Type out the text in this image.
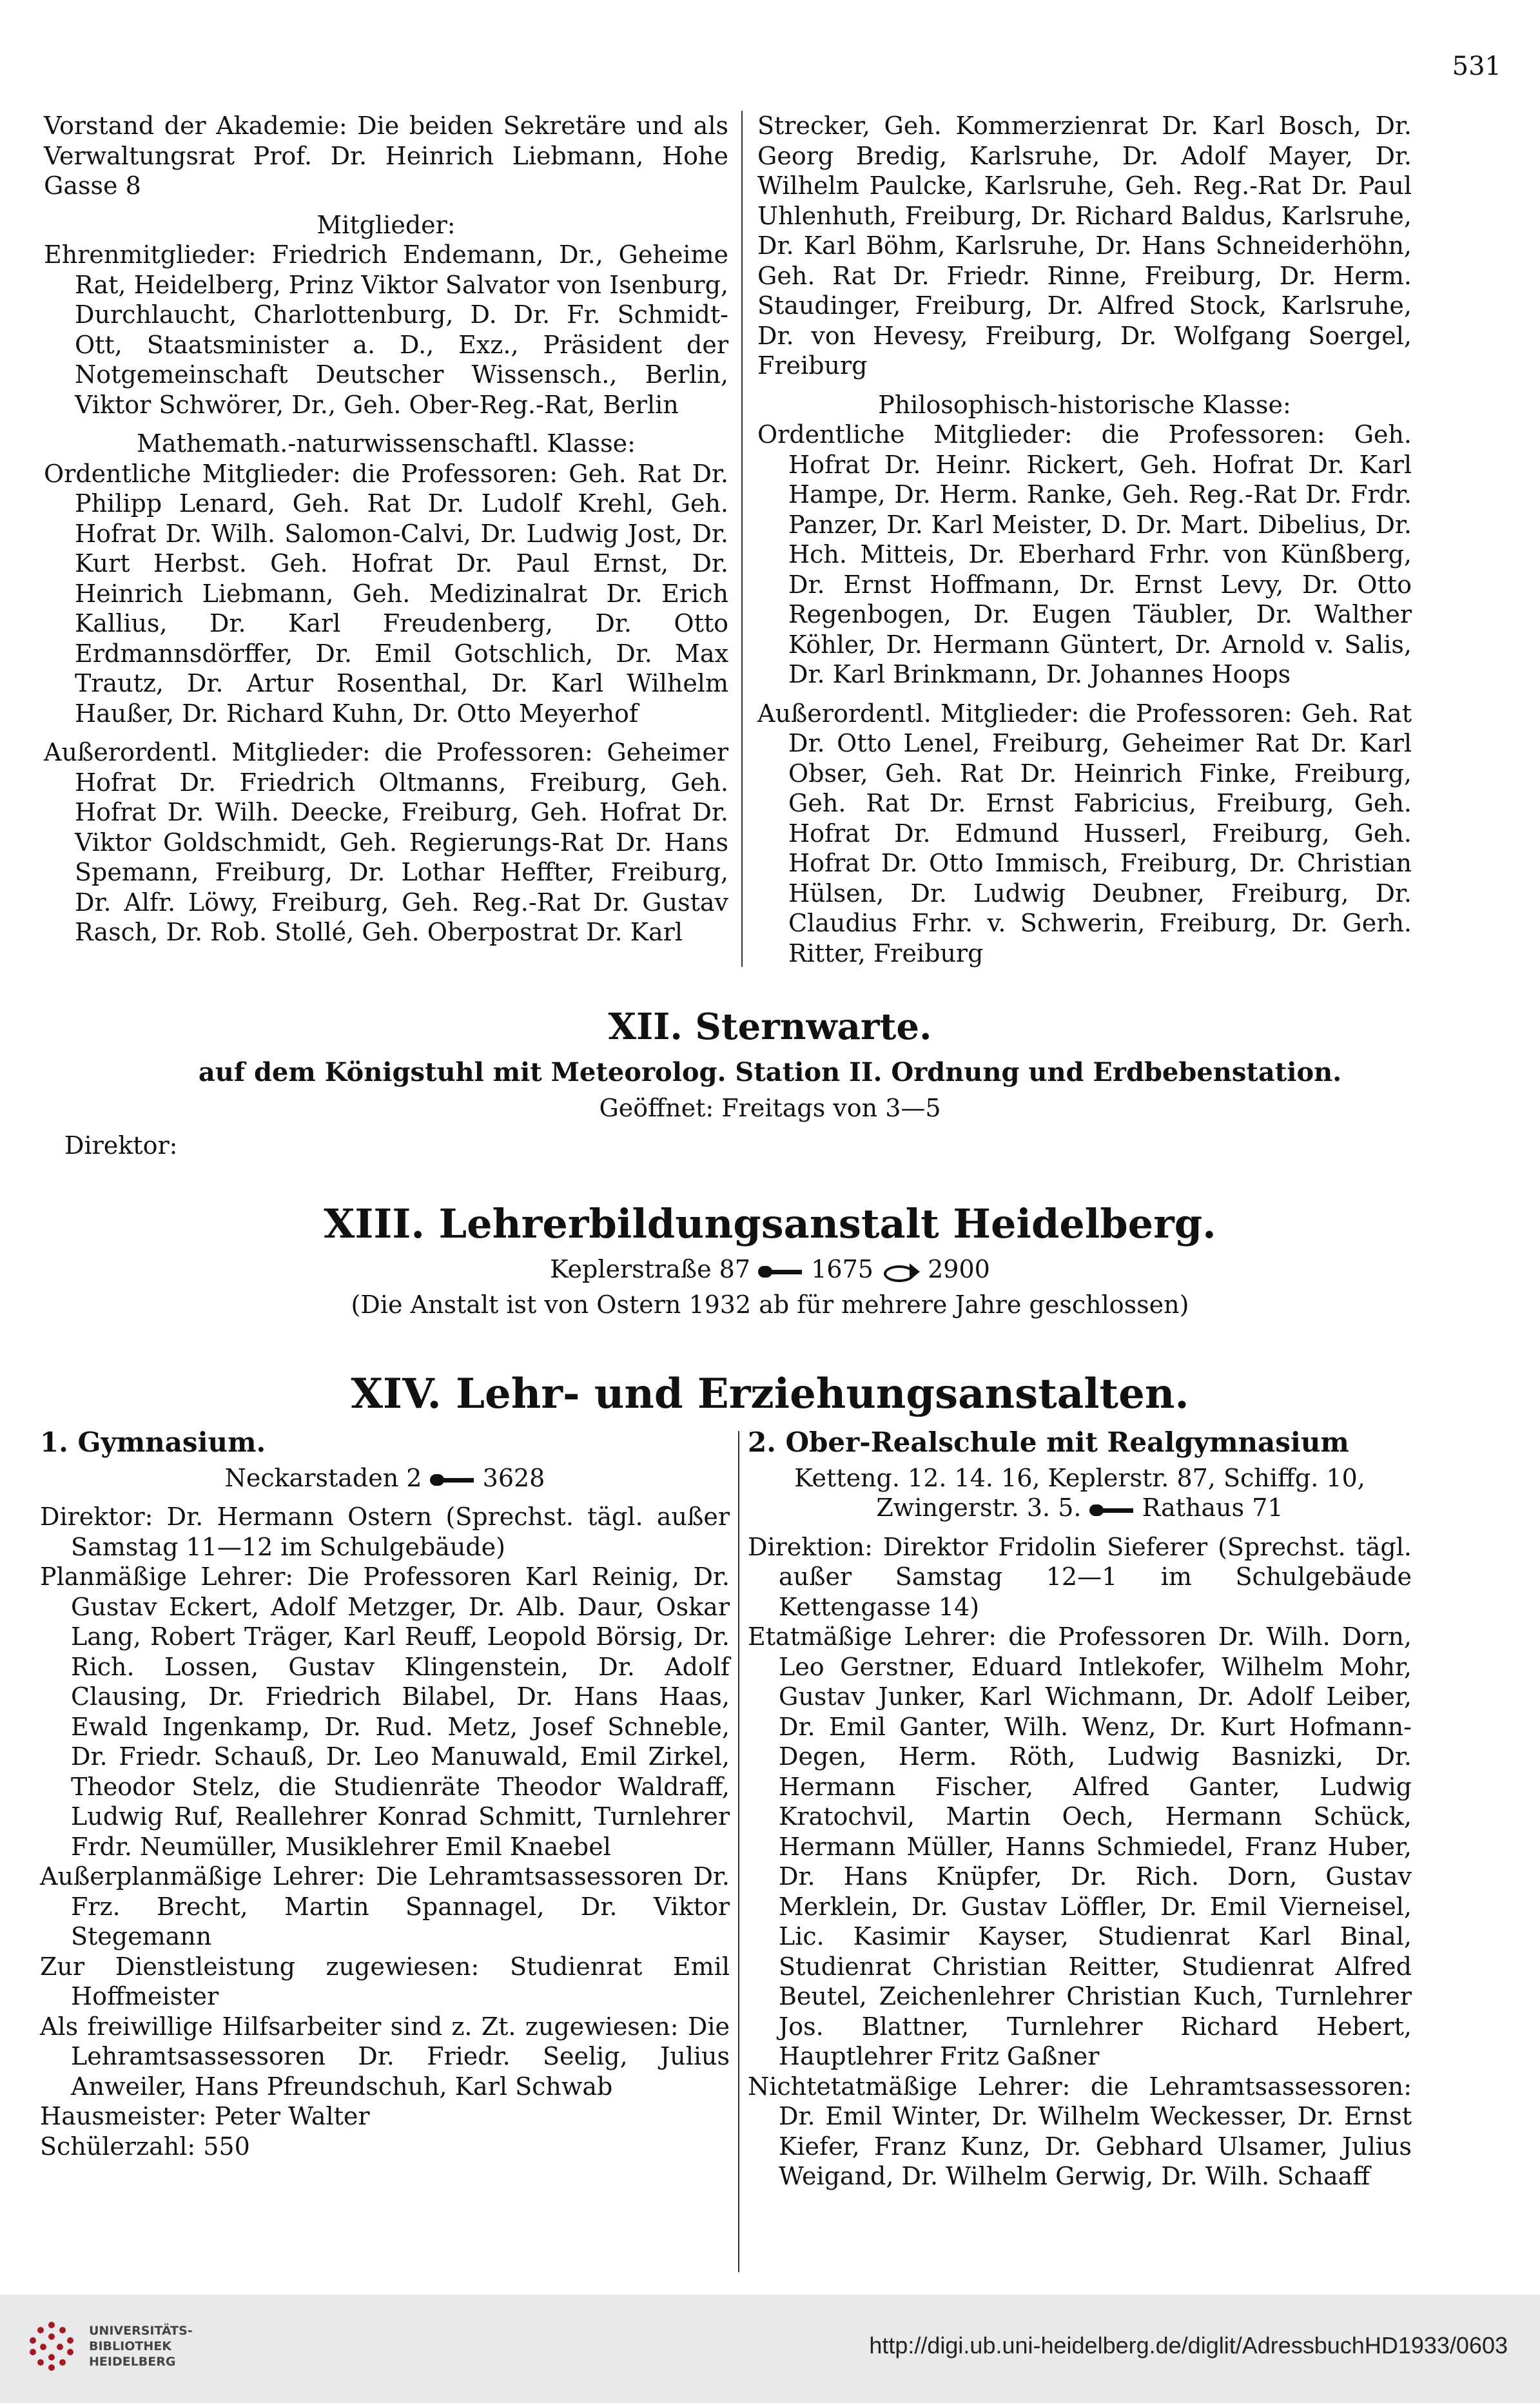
531

Vorstand der Akademie: Die beiden Sekretäre und als Verwaltungsrat Prof. Dr. Heinrich Liebmann, Hohe Gasse 8

Mitglieder:

Ehrenmitglieder: Friedrich Endemann, Dr., Geheime Rat, Heidelberg, Prinz Viktor Salvator von Isenburg, Durchlaucht, Charlottenburg, D. Dr. Fr. Schmidt-Ott, Staatsminister a. D., Exz., Präsident der Notgemeinschaft Deutscher Wissensch., Berlin, Viktor Schwörer, Dr., Geh. Ober-Reg.-Rat, Berlin

Mathemath.-naturwissenschaftl. Klasse:

Ordentliche Mitglieder: die Professoren: Geh. Rat Dr. Philipp Lenard, Geh. Rat Dr. Ludolf Krehl, Geh. Hofrat Dr. Wilh. Salomon-Calvi, Dr. Ludwig Jost, Dr. Kurt Herbst. Geh. Hofrat Dr. Paul Ernst, Dr. Heinrich Liebmann, Geh. Medizinalrat Dr. Erich Kallius, Dr. Karl Freudenberg, Dr. Otto Erdmannsdörffer, Dr. Emil Gotschlich, Dr. Max Trautz, Dr. Artur Rosenthal, Dr. Karl Wilhelm Haußer, Dr. Richard Kuhn, Dr. Otto Meyerhof

Außerordentl. Mitglieder: die Professoren: Geheimer Hofrat Dr. Friedrich Oltmanns, Freiburg, Geh. Hofrat Dr. Wilh. Deecke, Freiburg, Geh. Hofrat Dr. Viktor Goldschmidt, Geh. Regierungs-Rat Dr. Hans Spemann, Freiburg, Dr. Lothar Heffter, Freiburg, Dr. Alfr. Löwy, Freiburg, Geh. Reg.-Rat Dr. Gustav Rasch, Dr. Rob. Stollé, Geh. Oberpostrat Dr. Karl

Strecker, Geh. Kommerzienrat Dr. Karl Bosch, Dr. Georg Bredig, Karlsruhe, Dr. Adolf Mayer, Dr. Wilhelm Paulcke, Karlsruhe, Geh. Reg.-Rat Dr. Paul Uhlenhuth, Freiburg, Dr. Richard Baldus, Karlsruhe, Dr. Karl Böhm, Karlsruhe, Dr. Hans Schneiderhöhn, Geh. Rat Dr. Friedr. Rinne, Freiburg, Dr. Herm. Staudinger, Freiburg, Dr. Alfred Stock, Karlsruhe, Dr. von Hevesy, Freiburg, Dr. Wolfgang Soergel, Freiburg

Philosophisch-historische Klasse:

Ordentliche Mitglieder: die Professoren: Geh. Hofrat Dr. Heinr. Rickert, Geh. Hofrat Dr. Karl Hampe, Dr. Herm. Ranke, Geh. Reg.-Rat Dr. Frdr. Panzer, Dr. Karl Meister, D. Dr. Mart. Dibelius, Dr. Hch. Mitteis, Dr. Eberhard Frhr. von Künßberg, Dr. Ernst Hoffmann, Dr. Ernst Levy, Dr. Otto Regenbogen, Dr. Eugen Täubler, Dr. Walther Köhler, Dr. Hermann Güntert, Dr. Arnold v. Salis, Dr. Karl Brinkmann, Dr. Johannes Hoops

Außerordentl. Mitglieder: die Professoren: Geh. Rat Dr. Otto Lenel, Freiburg, Geheimer Rat Dr. Karl Obser, Geh. Rat Dr. Heinrich Finke, Freiburg, Geh. Rat Dr. Ernst Fabricius, Freiburg, Geh. Hofrat Dr. Edmund Husserl, Freiburg, Geh. Hofrat Dr. Otto Immisch, Freiburg, Dr. Christian Hülsen, Dr. Ludwig Deubner, Freiburg, Dr. Claudius Frhr. v. Schwerin, Freiburg, Dr. Gerh. Ritter, Freiburg

XII. Sternwarte.
auf dem Königstuhl mit Meteorolog. Station II. Ordnung und Erdbebenstation.
Geöffnet: Freitags von 3—5
Direktor:
XIII. Lehrerbildungsanstalt Heidelberg.
Keplerstraße 87 1675 2900
(Die Anstalt ist von Ostern 1932 ab für mehrere Jahre geschlossen)
XIV. Lehr- und Erziehungsanstalten.

1. Gymnasium.

Neckarstaden 2 3628

Direktor: Dr. Hermann Ostern (Sprechst. tägl. außer Samstag 11—12 im Schulgebäude)

Planmäßige Lehrer: Die Professoren Karl Reinig, Dr. Gustav Eckert, Adolf Metzger, Dr. Alb. Daur, Oskar Lang, Robert Träger, Karl Reuff, Leopold Börsig, Dr. Rich. Lossen, Gustav Klingenstein, Dr. Adolf Clausing, Dr. Friedrich Bilabel, Dr. Hans Haas, Ewald Ingenkamp, Dr. Rud. Metz, Josef Schneble, Dr. Friedr. Schauß, Dr. Leo Manuwald, Emil Zirkel, Theodor Stelz, die Studienräte Theodor Waldraff, Ludwig Ruf, Reallehrer Konrad Schmitt, Turnlehrer Frdr. Neumüller, Musiklehrer Emil Knaebel

Außerplanmäßige Lehrer: Die Lehramtsassessoren Dr. Frz. Brecht, Martin Spannagel, Dr. Viktor Stegemann

Zur Dienstleistung zugewiesen: Studienrat Emil Hoffmeister

Als freiwillige Hilfsarbeiter sind z. Zt. zugewiesen: Die Lehramtsassessoren Dr. Friedr. Seelig, Julius Anweiler, Hans Pfreundschuh, Karl Schwab

Hausmeister: Peter Walter

Schülerzahl: 550

2. Ober-Realschule mit Realgymnasium

Ketteng. 12. 14. 16, Keplerstr. 87, Schiffg. 10, Zwingerstr. 3. 5. Rathaus 71

Direktion: Direktor Fridolin Sieferer (Sprechst. tägl. außer Samstag 12—1 im Schulgebäude Kettengasse 14)

Etatmäßige Lehrer: die Professoren Dr. Wilh. Dorn, Leo Gerstner, Eduard Intlekofer, Wilhelm Mohr, Gustav Junker, Karl Wichmann, Dr. Adolf Leiber, Dr. Emil Ganter, Wilh. Wenz, Dr. Kurt Hofmann-Degen, Herm. Röth, Ludwig Basnizki, Dr. Hermann Fischer, Alfred Ganter, Ludwig Kratochvil, Martin Oech, Hermann Schück, Hermann Müller, Hanns Schmiedel, Franz Huber, Dr. Hans Knüpfer, Dr. Rich. Dorn, Gustav Merklein, Dr. Gustav Löffler, Dr. Emil Vierneisel, Lic. Kasimir Kayser, Studienrat Karl Binal, Studienrat Christian Reitter, Studienrat Alfred Beutel, Zeichenlehrer Christian Kuch, Turnlehrer Jos. Blattner, Turnlehrer Richard Hebert, Hauptlehrer Fritz Gaßner

Nichtetatmäßige Lehrer: die Lehramtsassessoren: Dr. Emil Winter, Dr. Wilhelm Weckesser, Dr. Ernst Kiefer, Franz Kunz, Dr. Gebhard Ulsamer, Julius Weigand, Dr. Wilhelm Gerwig, Dr. Wilh. Schaaff

UNIVERSITÄTS-
BIBLIOTHEK
HEIDELBERG
http://digi.ub.uni-heidelberg.de/diglit/AdressbuchHD1933/0603
